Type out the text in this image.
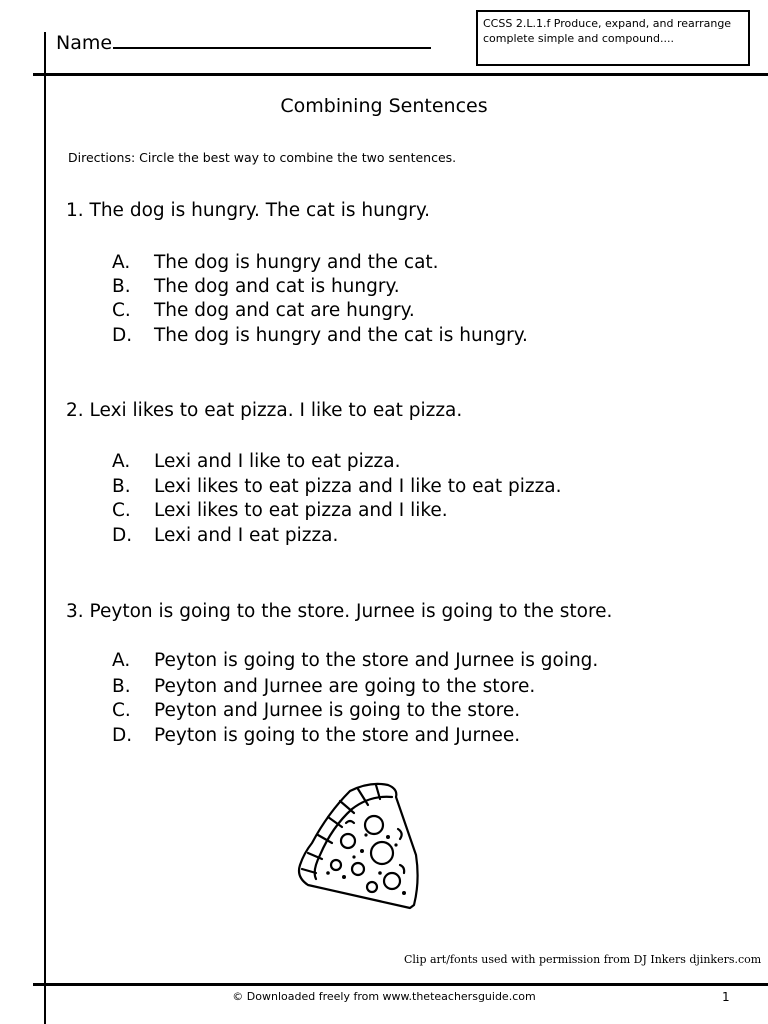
Name
CCSS 2.L.1.f Produce, expand, and rearrange complete simple and compound....
Combining Sentences
Directions: Circle the best way to combine the two sentences.
1. The dog is hungry. The cat is hungry.
A. The dog is hungry and the cat.
B. The dog and cat is hungry.
C. The dog and cat are hungry.
D. The dog is hungry and the cat is hungry.
2. Lexi likes to eat pizza. I like to eat pizza.
A. Lexi and I like to eat pizza.
B. Lexi likes to eat pizza and I like to eat pizza.
C. Lexi likes to eat pizza and I like.
D. Lexi and I eat pizza.
3. Peyton is going to the store. Jurnee is going to the store.
A. Peyton is going to the store and Jurnee is going.
B. Peyton and Jurnee are going to the store.
C. Peyton and Jurnee is going to the store.
D. Peyton is going to the store and Jurnee.
Clip art/fonts used with permission from DJ Inkers djinkers.com
© Downloaded freely from www.theteachersguide.com	1
